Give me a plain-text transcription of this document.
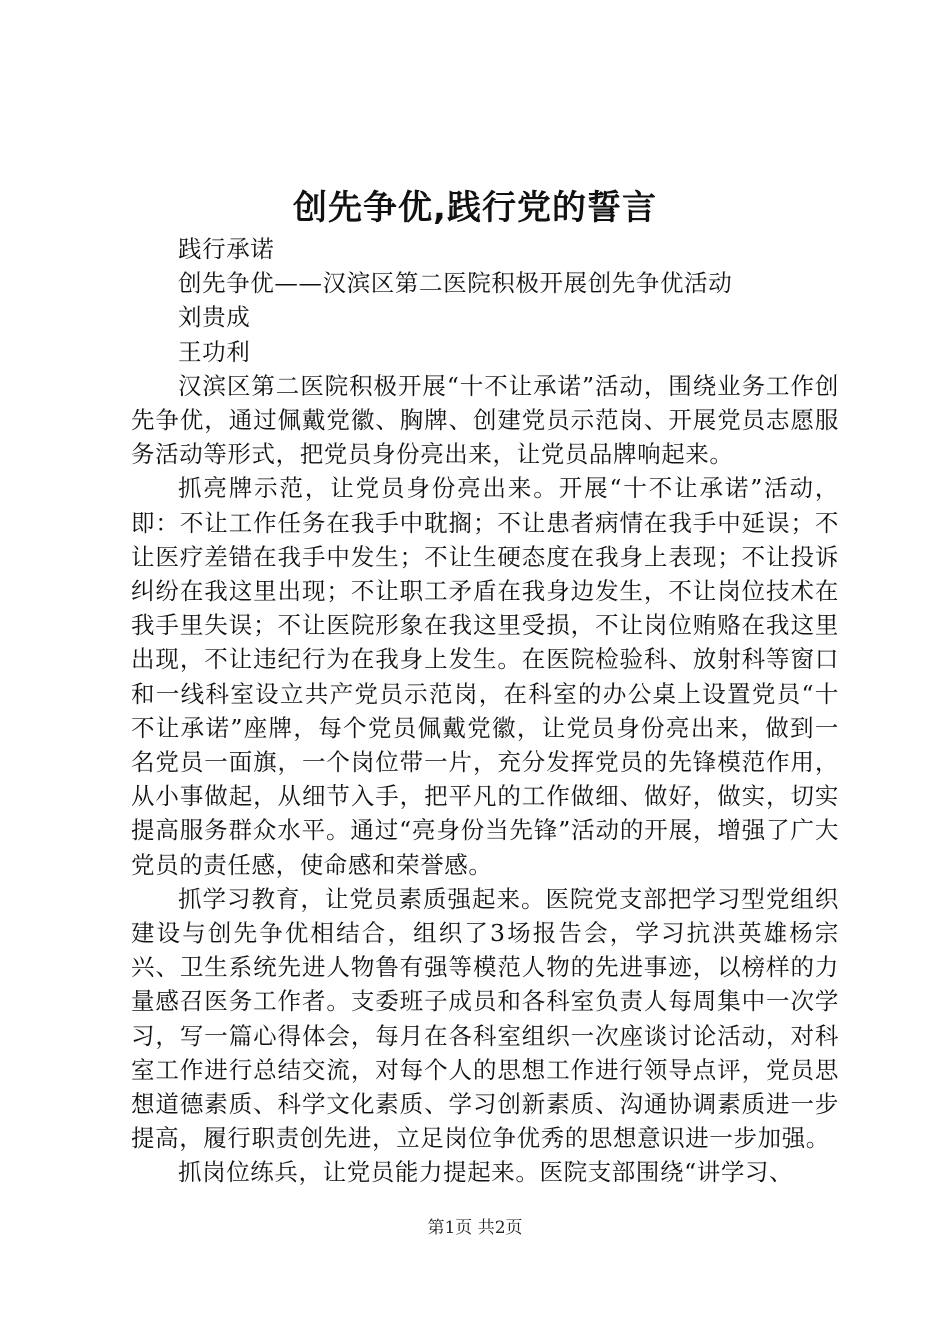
创先争优,践行党的誓言

践行承诺

创先争优——汉滨区第二医院积极开展创先争优活动

刘贵成

王功利

汉滨区第二医院积极开展“十不让承诺”活动，围绕业务工作创先争优，通过佩戴党徽、胸牌、创建党员示范岗、开展党员志愿服务活动等形式，把党员身份亮出来，让党员品牌响起来。

抓亮牌示范，让党员身份亮出来。开展“十不让承诺”活动，即：不让工作任务在我手中耽搁；不让患者病情在我手中延误；不让医疗差错在我手中发生；不让生硬态度在我身上表现；不让投诉纠纷在我这里出现；不让职工矛盾在我身边发生，不让岗位技术在我手里失误；不让医院形象在我这里受损，不让岗位贿赂在我这里出现，不让违纪行为在我身上发生。在医院检验科、放射科等窗口和一线科室设立共产党员示范岗，在科室的办公桌上设置党员“十不让承诺”座牌，每个党员佩戴党徽，让党员身份亮出来，做到一名党员一面旗，一个岗位带一片，充分发挥党员的先锋模范作用，从小事做起，从细节入手，把平凡的工作做细、做好，做实，切实提高服务群众水平。通过“亮身份当先锋”活动的开展，增强了广大党员的责任感，使命感和荣誉感。

抓学习教育，让党员素质强起来。医院党支部把学习型党组织建设与创先争优相结合，组织了3场报告会，学习抗洪英雄杨宗兴、卫生系统先进人物鲁有强等模范人物的先进事迹，以榜样的力量感召医务工作者。支委班子成员和各科室负责人每周集中一次学习，写一篇心得体会，每月在各科室组织一次座谈讨论活动，对科室工作进行总结交流，对每个人的思想工作进行领导点评，党员思想道德素质、科学文化素质、学习创新素质、沟通协调素质进一步提高，履行职责创先进，立足岗位争优秀的思想意识进一步加强。

抓岗位练兵，让党员能力提起来。医院支部围绕“讲学习、

第1页 共2页
